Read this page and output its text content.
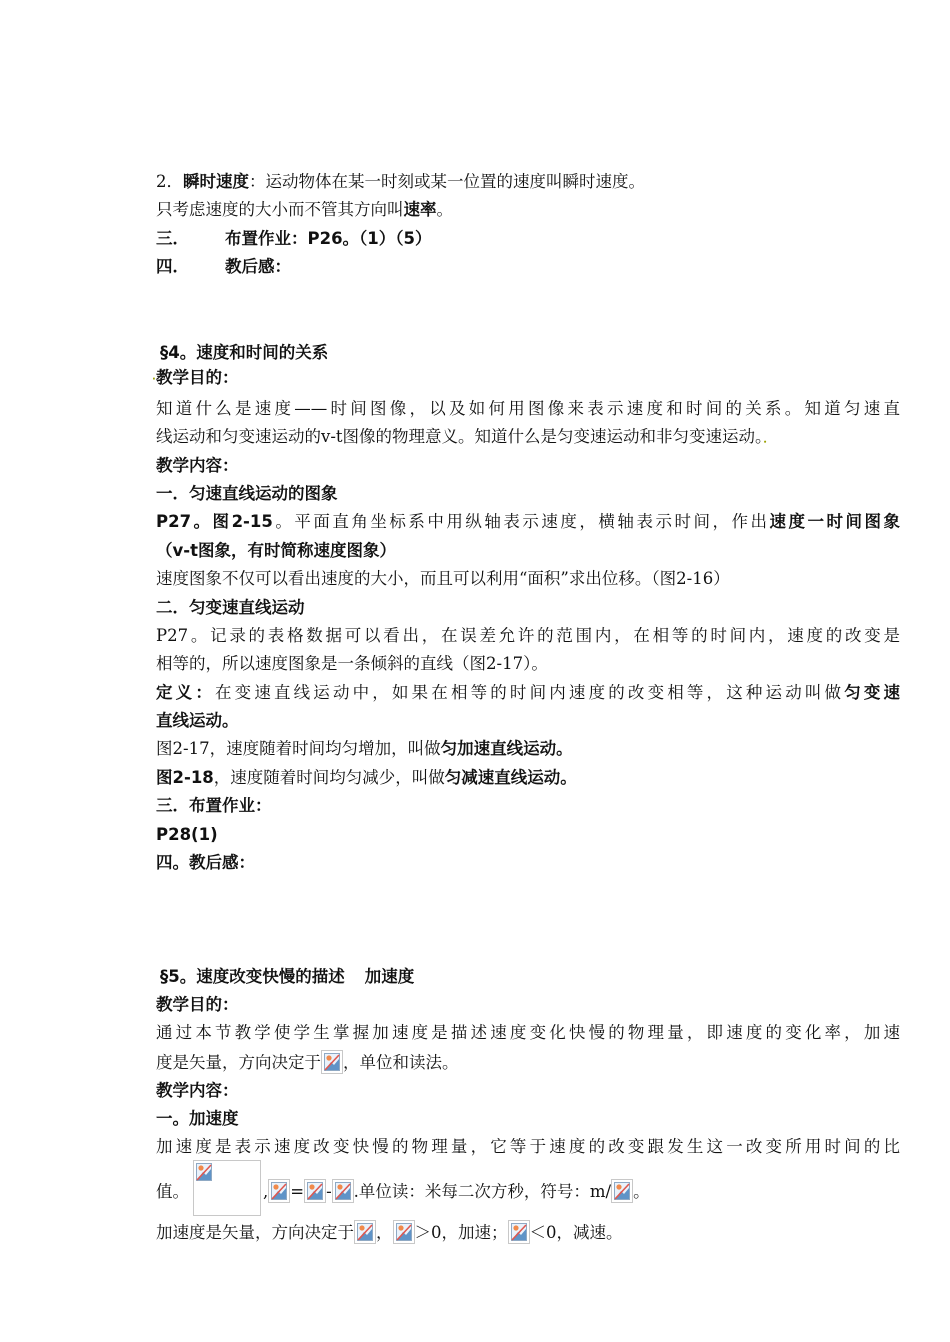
2．瞬时速度：运动物体在某一时刻或某一位置的速度叫瞬时速度。
只考虑速度的大小而不管其方向叫速率。
三． 布置作业：P26。（1）（5）
四． 教后感：
§4。速度和时间的关系
· 教学目的：
知道什么是速度——时间图像，以及如何用图像来表示速度和时间的关系。知道匀速直
线运动和匀变速运动的v-t图像的物理意义。知道什么是匀变速运动和非匀变速运动。．
教学内容：
一．匀速直线运动的图象
P27。图2-15。平面直角坐标系中用纵轴表示速度，横轴表示时间，作出速度一时间图象
（v-t图象，有时简称速度图象）
速度图象不仅可以看出速度的大小，而且可以利用“面积”求出位移。（图2-16）
二．匀变速直线运动
P27。记录的表格数据可以看出，在误差允许的范围内，在相等的时间内，速度的改变是
相等的，所以速度图象是一条倾斜的直线（图2-17）。
定义：在变速直线运动中，如果在相等的时间内速度的改变相等，这种运动叫做匀变速
直线运动。
图2-17，速度随着时间均匀增加，叫做匀加速直线运动。
图2-18，速度随着时间均匀减少，叫做匀减速直线运动。
三．布置作业：
P28(1)
四。教后感：
§5。速度改变快慢的描述 加速度
教学目的：
通过本节教学使学生掌握加速度是描述速度变化快慢的物理量，即速度的变化率，加速
度是矢量，方向决定于 ，单位和读法。
教学内容：
一。加速度
加速度是表示速度改变快慢的物理量，它等于速度的改变跟发生这一改变所用时间的比
值。	, = - .单位读：米每二次方秒，符号：m/ 。
加速度是矢量，方向决定于 ， ＞0，加速； ＜0，减速。
